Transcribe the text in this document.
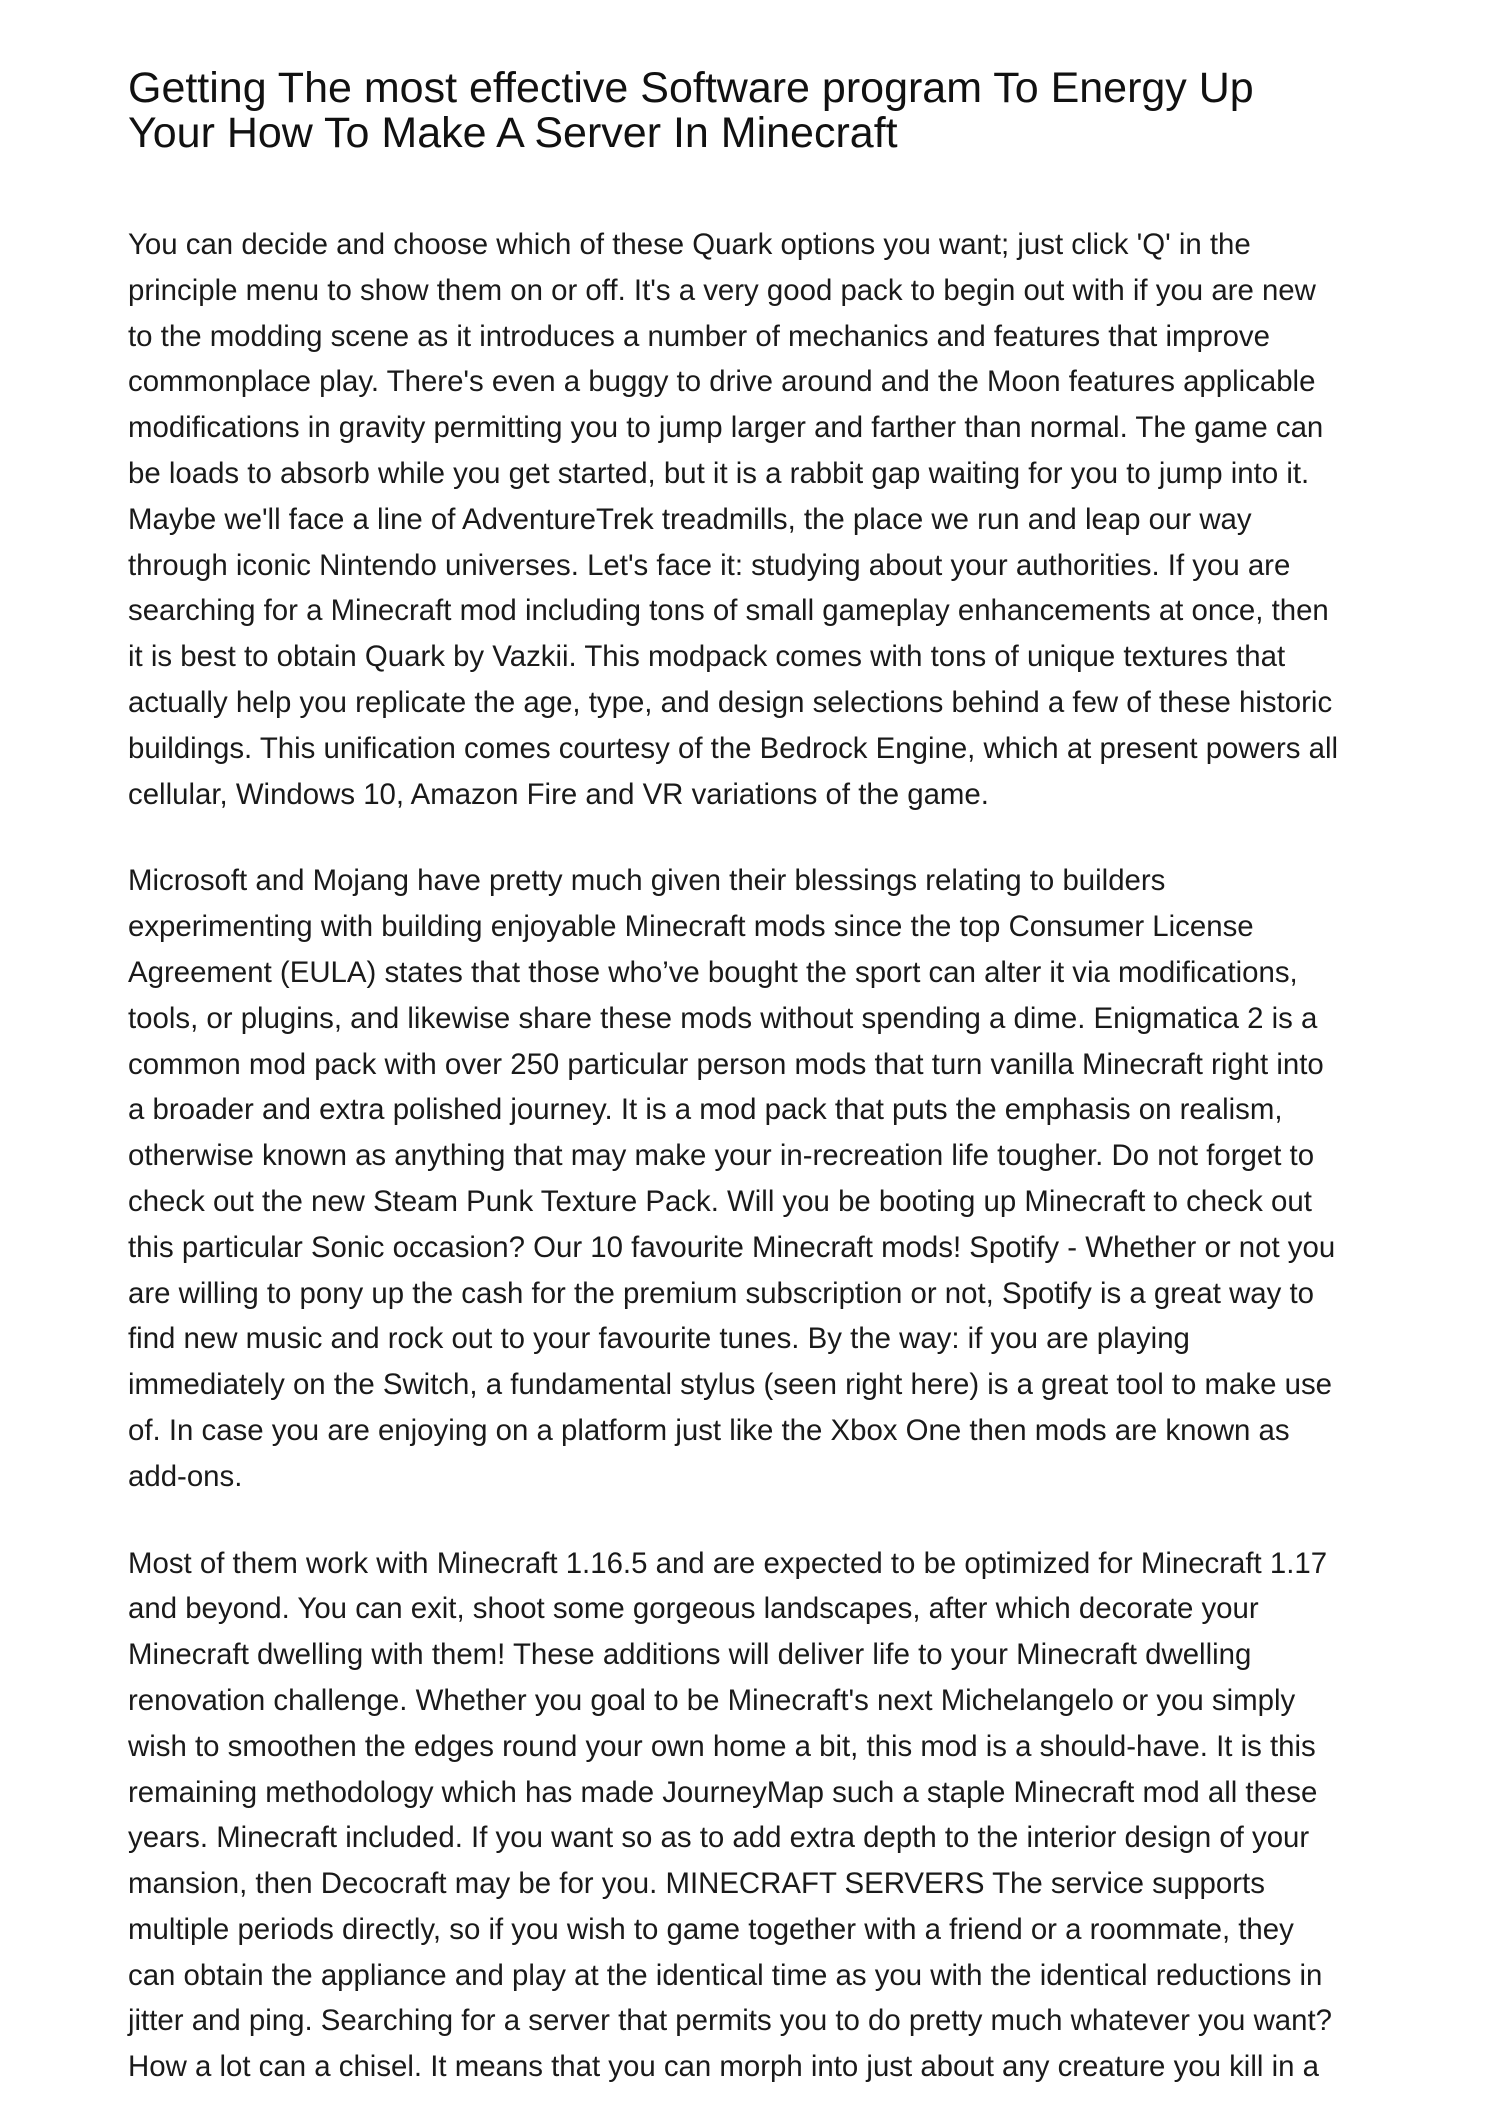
Getting The most effective Software program To Energy Up
Your How To Make A Server In Minecraft

You can decide and choose which of these Quark options you want; just click 'Q' in the
principle menu to show them on or off. It's a very good pack to begin out with if you are new
to the modding scene as it introduces a number of mechanics and features that improve
commonplace play. There's even a buggy to drive around and the Moon features applicable
modifications in gravity permitting you to jump larger and farther than normal. The game can
be loads to absorb while you get started, but it is a rabbit gap waiting for you to jump into it.
Maybe we'll face a line of AdventureTrek treadmills, the place we run and leap our way
through iconic Nintendo universes. Let's face it: studying about your authorities. If you are
searching for a Minecraft mod including tons of small gameplay enhancements at once, then
it is best to obtain Quark by Vazkii. This modpack comes with tons of unique textures that
actually help you replicate the age, type, and design selections behind a few of these historic
buildings. This unification comes courtesy of the Bedrock Engine, which at present powers all
cellular, Windows 10, Amazon Fire and VR variations of the game.

Microsoft and Mojang have pretty much given their blessings relating to builders
experimenting with building enjoyable Minecraft mods since the top Consumer License
Agreement (EULA) states that those who’ve bought the sport can alter it via modifications,
tools, or plugins, and likewise share these mods without spending a dime. Enigmatica 2 is a
common mod pack with over 250 particular person mods that turn vanilla Minecraft right into
a broader and extra polished journey. It is a mod pack that puts the emphasis on realism,
otherwise known as anything that may make your in-recreation life tougher. Do not forget to
check out the new Steam Punk Texture Pack. Will you be booting up Minecraft to check out
this particular Sonic occasion? Our 10 favourite Minecraft mods! Spotify - Whether or not you
are willing to pony up the cash for the premium subscription or not, Spotify is a great way to
find new music and rock out to your favourite tunes. By the way: if you are playing
immediately on the Switch, a fundamental stylus (seen right here) is a great tool to make use
of. In case you are enjoying on a platform just like the Xbox One then mods are known as
add-ons.

Most of them work with Minecraft 1.16.5 and are expected to be optimized for Minecraft 1.17
and beyond. You can exit, shoot some gorgeous landscapes, after which decorate your
Minecraft dwelling with them! These additions will deliver life to your Minecraft dwelling
renovation challenge. Whether you goal to be Minecraft's next Michelangelo or you simply
wish to smoothen the edges round your own home a bit, this mod is a should-have. It is this
remaining methodology which has made JourneyMap such a staple Minecraft mod all these
years. Minecraft included. If you want so as to add extra depth to the interior design of your
mansion, then Decocraft may be for you. MINECRAFT SERVERS The service supports
multiple periods directly, so if you wish to game together with a friend or a roommate, they
can obtain the appliance and play at the identical time as you with the identical reductions in
jitter and ping. Searching for a server that permits you to do pretty much whatever you want?
How a lot can a chisel. It means that you can morph into just about any creature you kill in a
